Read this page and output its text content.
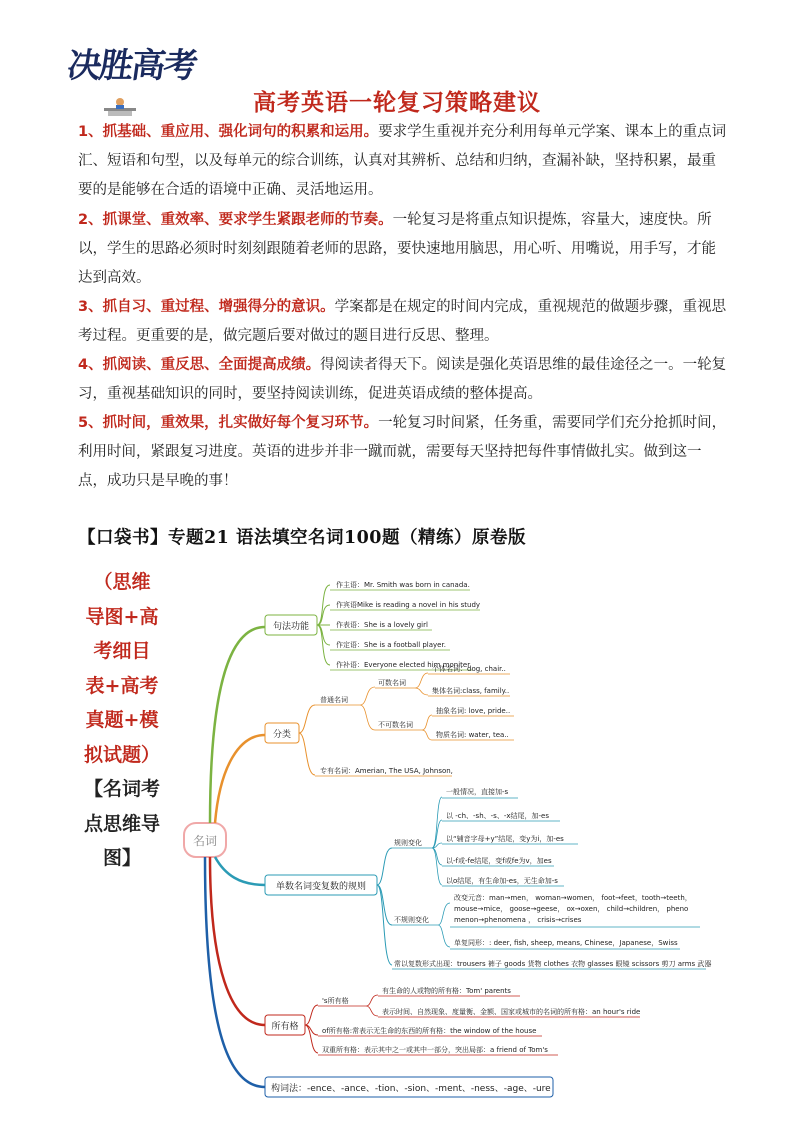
决胜高考
高考英语一轮复习策略建议
1、抓基础、重应用、强化词句的积累和运用。要求学生重视并充分利用每单元学案、课本上的重点词汇、短语和句型，以及每单元的综合训练，认真对其辨析、总结和归纳，查漏补缺，坚持积累，最重要的是能够在合适的语境中正确、灵活地运用。
2、抓课堂、重效率、要求学生紧跟老师的节奏。一轮复习是将重点知识提炼，容量大，速度快。所以，学生的思路必须时时刻刻跟随着老师的思路，要快速地用脑思，用心听、用嘴说，用手写，才能达到高效。
3、抓自习、重过程、增强得分的意识。学案都是在规定的时间内完成，重视规范的做题步骤，重视思考过程。更重要的是，做完题后要对做过的题目进行反思、整理。
4、抓阅读、重反思、全面提高成绩。得阅读者得天下。阅读是强化英语思维的最佳途径之一。一轮复习，重视基础知识的同时，要坚持阅读训练，促进英语成绩的整体提高。
5、抓时间，重效果，扎实做好每个复习环节。一轮复习时间紧，任务重，需要同学们充分抢抓时间，利用时间，紧跟复习进度。英语的进步并非一蹴而就，需要每天坚持把每件事情做扎实。做到这一点，成功只是早晚的事！
【口袋书】专题21 语法填空名词100题（精练）原卷版
（思维
导图+高
考细目
表+高考
真题+模
拟试题）
【名词考
点思维导
图】
名词
句法功能
作主语：Mr. Smith was born in canada.
作宾语Mike is reading a novel in his study
作表语：She is a lovely girl
作定语：She is a football player.
作补语：Everyone elected him moniter
分类
普通名词
可数名词
个体名词：dog, chair..
集体名词:class, family..
不可数名词
抽象名词: love, pride..
物质名词: water, tea..
专有名词：Amerian, The USA, Johnson,
单数名词变复数的规则
规则变化
一般情况，直接加-s
以 -ch、-sh、-s、-x结尾，加-es
以“辅音字母+y”结尾，变y为i，加-es
以-f或-fe结尾，变f或fe为v，加es
以o结尾，有生命加-es，无生命加-s
不规则变化
改变元音：man→men， woman→women， foot→feet，tooth→teeth，
mouse→mice， goose→geese， ox→oxen， child→children， pheno
menon→phenomena ， crisis→crises
单复同形：: deer, fish, sheep, means, Chinese，Japanese，Swiss
常以复数形式出现：trousers 裤子 goods 货物 clothes 衣物 glasses 眼镜 scissors 剪刀 arms 武器
所有格
's所有格
有生命的人或物的所有格：Tom' parents
表示时间、自然现象、度量衡、金额、国家或城市的名词的所有格：an hour's ride
of所有格:常表示无生命的东西的所有格：the window of the house
双重所有格：表示其中之一或其中一部分，突出局部：a friend of Tom's
构词法：-ence、-ance、-tion、-sion、-ment、-ness、-age、-ure
